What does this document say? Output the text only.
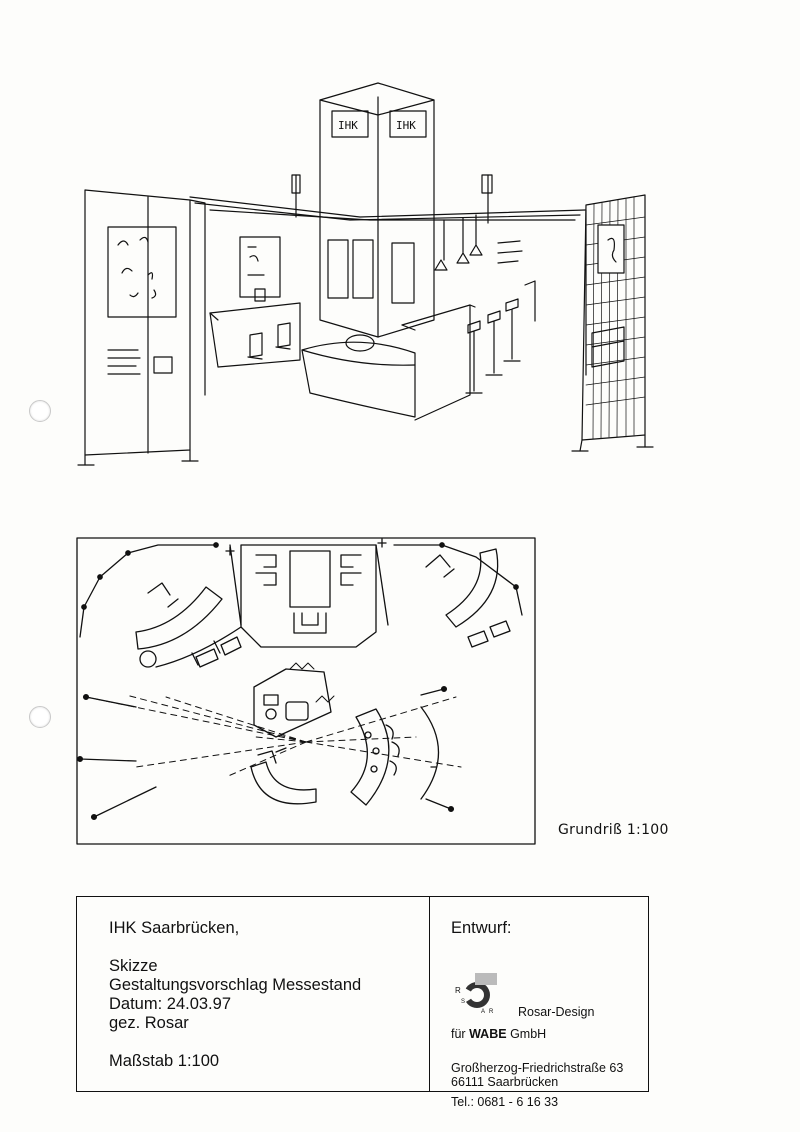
IHK	IHK
Grundriß 1:100
IHK Saarbrücken,
Skizze
Gestaltungsvorschlag Messestand
Datum: 24.03.97
gez. Rosar
Maßstab 1:100
Entwurf:
R
S
A R Rosar-Design
für WABE GmbH
Großherzog-Friedrichstraße 63
66111 Saarbrücken
Tel.: 0681 - 6 16 33
